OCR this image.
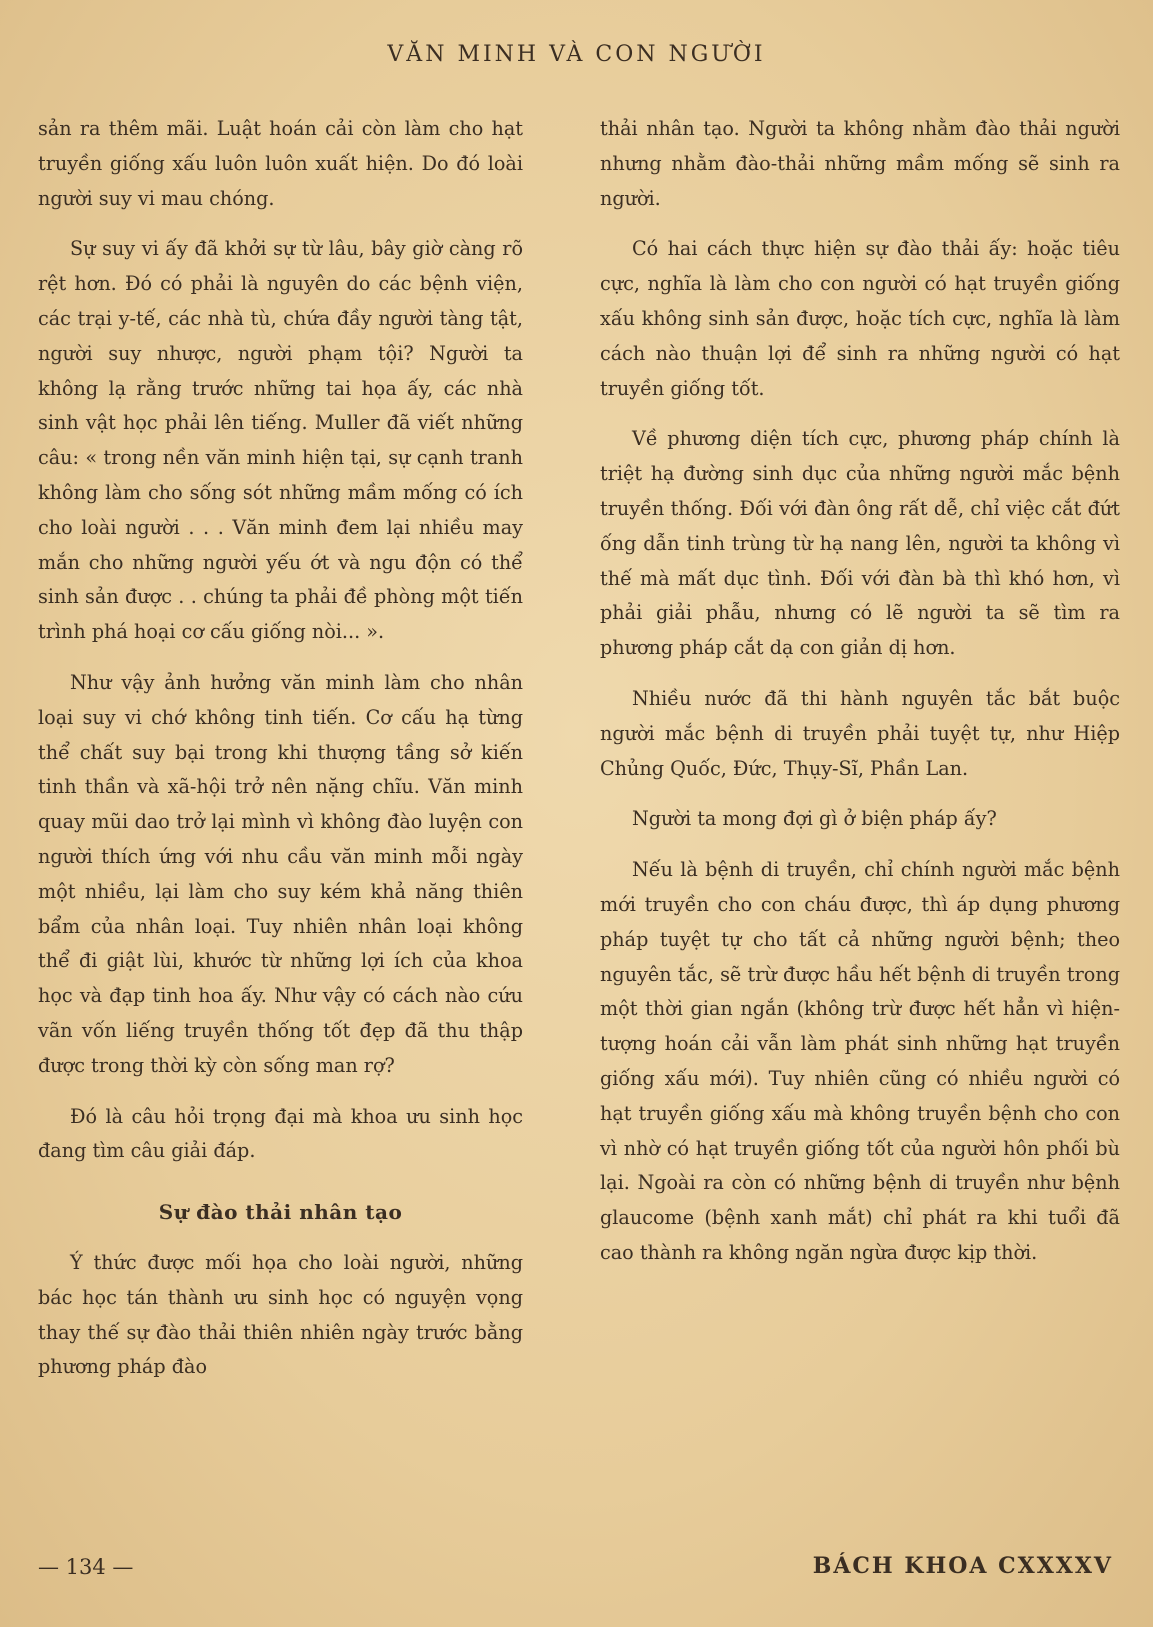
VĂN MINH VÀ CON NGƯỜI

sản ra thêm mãi. Luật hoán cải còn làm cho hạt truyền giống xấu luôn luôn xuất hiện. Do đó loài người suy vi mau chóng.

Sự suy vi ấy đã khởi sự từ lâu, bây giờ càng rõ rệt hơn. Đó có phải là nguyên do các bệnh viện, các trại y-tế, các nhà tù, chứa đầy người tàng tật, người suy nhược, người phạm tội? Người ta không lạ rằng trước những tai họa ấy, các nhà sinh vật học phải lên tiếng. Muller đã viết những câu: « trong nền văn minh hiện tại, sự cạnh tranh không làm cho sống sót những mầm mống có ích cho loài người . . . Văn minh đem lại nhiều may mắn cho những người yếu ớt và ngu độn có thể sinh sản được . . chúng ta phải đề phòng một tiến trình phá hoại cơ cấu giống nòi... ».

Như vậy ảnh hưởng văn minh làm cho nhân loại suy vi chớ không tinh tiến. Cơ cấu hạ từng thể chất suy bại trong khi thượng tầng sở kiến tinh thần và xã-hội trở nên nặng chĩu. Văn minh quay mũi dao trở lại mình vì không đào luyện con người thích ứng với nhu cầu văn minh mỗi ngày một nhiều, lại làm cho suy kém khả năng thiên bẩm của nhân loại. Tuy nhiên nhân loại không thể đi giật lùi, khước từ những lợi ích của khoa học và đạp tinh hoa ấy. Như vậy có cách nào cứu vãn vốn liếng truyền thống tốt đẹp đã thu thập được trong thời kỳ còn sống man rợ?

Đó là câu hỏi trọng đại mà khoa ưu sinh học đang tìm câu giải đáp.

Sự đào thải nhân tạo

Ý thức được mối họa cho loài người, những bác học tán thành ưu sinh học có nguyện vọng thay thế sự đào thải thiên nhiên ngày trước bằng phương pháp đào

thải nhân tạo. Người ta không nhằm đào thải người nhưng nhằm đào-thải những mầm mống sẽ sinh ra người.

Có hai cách thực hiện sự đào thải ấy: hoặc tiêu cực, nghĩa là làm cho con người có hạt truyền giống xấu không sinh sản được, hoặc tích cực, nghĩa là làm cách nào thuận lợi để sinh ra những người có hạt truyền giống tốt.

Về phương diện tích cực, phương pháp chính là triệt hạ đường sinh dục của những người mắc bệnh truyền thống. Đối với đàn ông rất dễ, chỉ việc cắt đứt ống dẫn tinh trùng từ hạ nang lên, người ta không vì thế mà mất dục tình. Đối với đàn bà thì khó hơn, vì phải giải phẫu, nhưng có lẽ người ta sẽ tìm ra phương pháp cắt dạ con giản dị hơn.

Nhiều nước đã thi hành nguyên tắc bắt buộc người mắc bệnh di truyền phải tuyệt tự, như Hiệp Chủng Quốc, Đức, Thụy-Sĩ, Phần Lan.

Người ta mong đợi gì ở biện pháp ấy?

Nếu là bệnh di truyền, chỉ chính người mắc bệnh mới truyền cho con cháu được, thì áp dụng phương pháp tuyệt tự cho tất cả những người bệnh; theo nguyên tắc, sẽ trừ được hầu hết bệnh di truyền trong một thời gian ngắn (không trừ được hết hẳn vì hiện-tượng hoán cải vẫn làm phát sinh những hạt truyền giống xấu mới). Tuy nhiên cũng có nhiều người có hạt truyền giống xấu mà không truyền bệnh cho con vì nhờ có hạt truyền giống tốt của người hôn phối bù lại. Ngoài ra còn có những bệnh di truyền như bệnh glaucome (bệnh xanh mắt) chỉ phát ra khi tuổi đã cao thành ra không ngăn ngừa được kịp thời.

— 134 —	BÁCH KHOA CXXXXV
